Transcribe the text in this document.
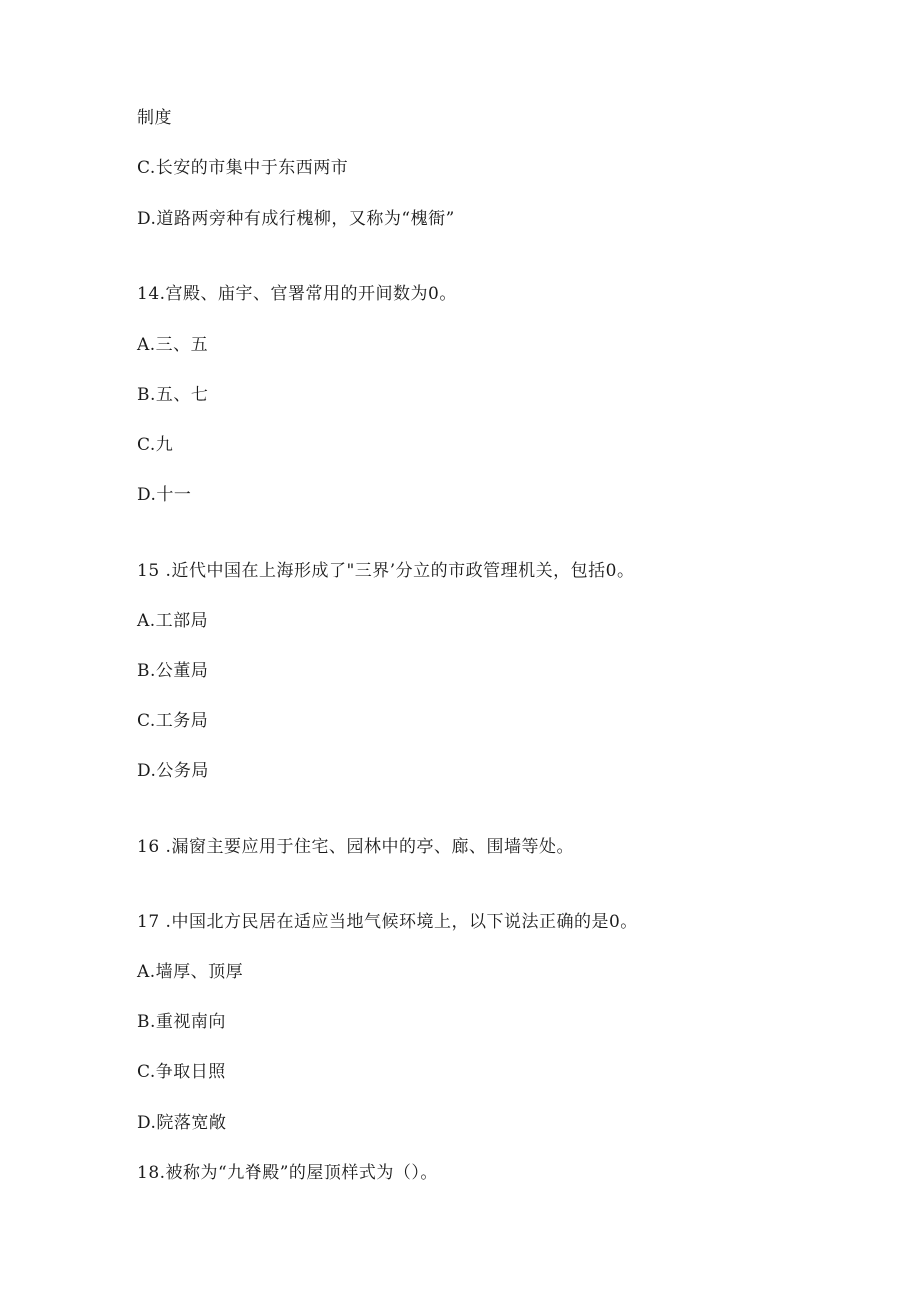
制度
C.长安的市集中于东西两市
D.道路两旁种有成行槐柳，又称为“槐衙”
14.宫殿、庙宇、官署常用的开间数为0。
A.三、五
B.五、七
C.九
D.十一
15 .近代中国在上海形成了"三界’分立的市政管理机关，包括0。
A.工部局
B.公董局
C.工务局
D.公务局
16 .漏窗主要应用于住宅、园林中的亭、廊、围墙等处。
17 .中国北方民居在适应当地气候环境上，以下说法正确的是0。
A.墙厚、顶厚
B.重视南向
C.争取日照
D.院落宽敞
18.被称为“九脊殿”的屋顶样式为（）。
